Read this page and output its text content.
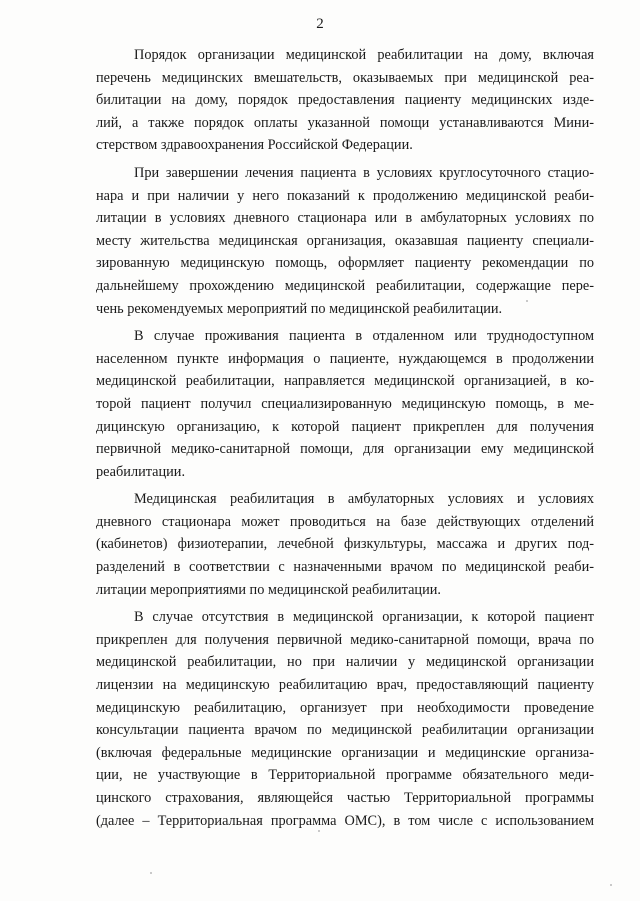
2

Порядок организации медицинской реабилитации на дому, включая
перечень медицинских вмешательств, оказываемых при медицинской реа-
билитации на дому, порядок предоставления пациенту медицинских изде-
лий, а также порядок оплаты указанной помощи устанавливаются Мини-
стерством здравоохранения Российской Федерации.

При завершении лечения пациента в условиях круглосуточного стацио-
нара и при наличии у него показаний к продолжению медицинской реаби-
литации в условиях дневного стационара или в амбулаторных условиях по
месту жительства медицинская организация, оказавшая пациенту специали-
зированную медицинскую помощь, оформляет пациенту рекомендации по
дальнейшему прохождению медицинской реабилитации, содержащие пере-
чень рекомендуемых мероприятий по медицинской реабилитации.

В случае проживания пациента в отдаленном или труднодоступном
населенном пункте информация о пациенте, нуждающемся в продолжении
медицинской реабилитации, направляется медицинской организацией, в ко-
торой пациент получил специализированную медицинскую помощь, в ме-
дицинскую организацию, к которой пациент прикреплен для получения
первичной медико-санитарной помощи, для организации ему медицинской
реабилитации.

Медицинская реабилитация в амбулаторных условиях и условиях
дневного стационара может проводиться на базе действующих отделений
(кабинетов) физиотерапии, лечебной физкультуры, массажа и других под-
разделений в соответствии с назначенными врачом по медицинской реаби-
литации мероприятиями по медицинской реабилитации.

В случае отсутствия в медицинской организации, к которой пациент
прикреплен для получения первичной медико-санитарной помощи, врача по
медицинской реабилитации, но при наличии у медицинской организации
лицензии на медицинскую реабилитацию врач, предоставляющий пациенту
медицинскую реабилитацию, организует при необходимости проведение
консультации пациента врачом по медицинской реабилитации организации
(включая федеральные медицинские организации и медицинские организа-
ции, не участвующие в Территориальной программе обязательного меди-
цинского страхования, являющейся частью Территориальной программы
(далее – Территориальная программа ОМС), в том числе с использованием
